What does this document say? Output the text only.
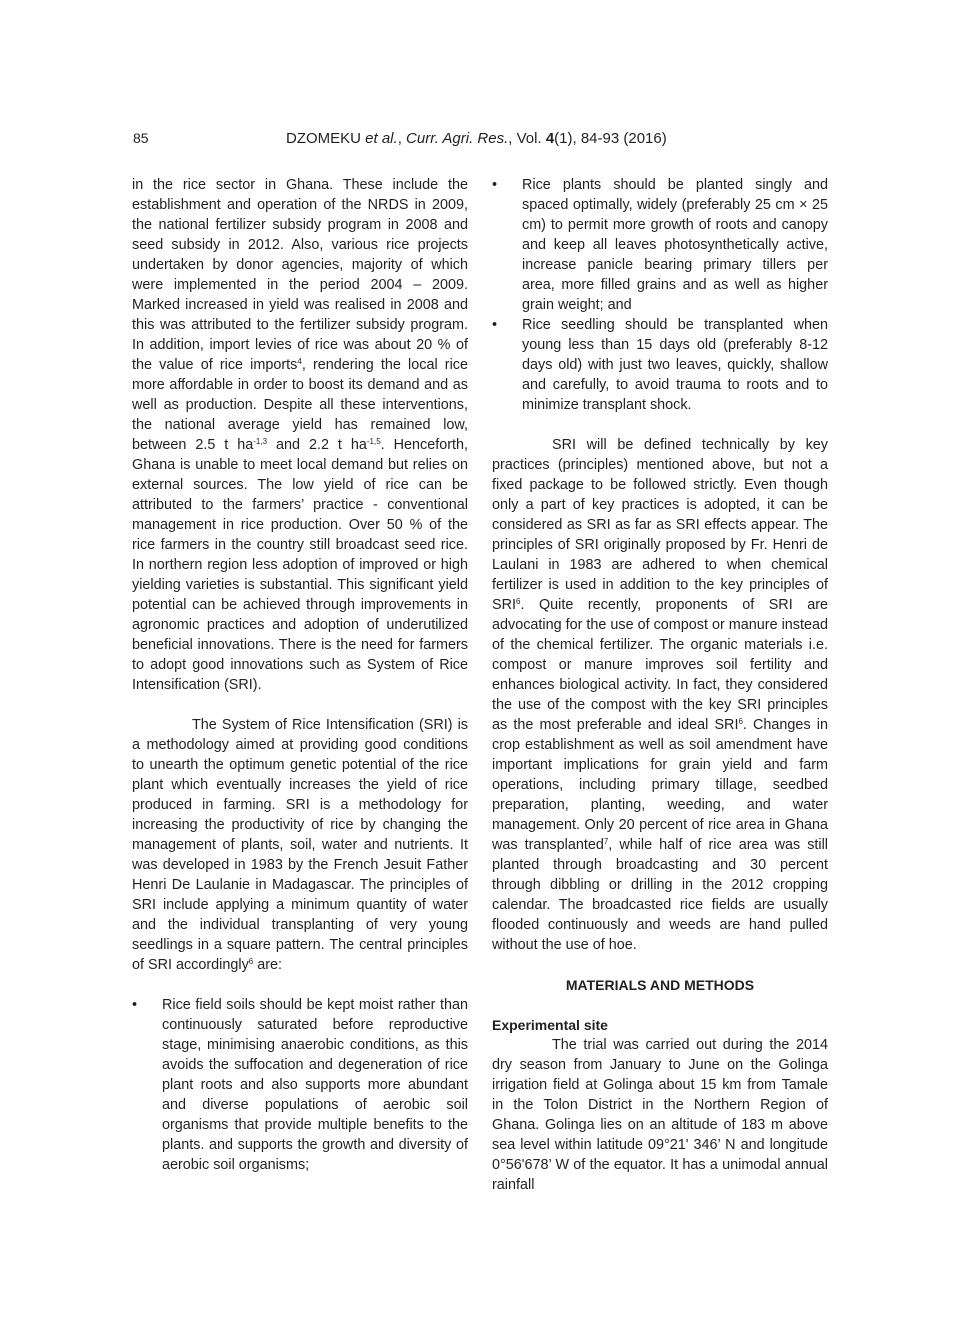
85	DZOMEKU et al., Curr. Agri. Res., Vol. 4(1), 84-93 (2016)

in the rice sector in Ghana. These include the establishment and operation of the NRDS in 2009, the national fertilizer subsidy program in 2008 and seed subsidy in 2012. Also, various rice projects undertaken by donor agencies, majority of which were implemented in the period 2004 – 2009. Marked increased in yield was realised in 2008 and this was attributed to the fertilizer subsidy program. In addition, import levies of rice was about 20 % of the value of rice imports$^4$, rendering the local rice more affordable in order to boost its demand and as well as production. Despite all these interventions, the national average yield has remained low, between 2.5 t $ha^{-1,3}$ and 2.2 t $ha^{-1,5}$. Henceforth, Ghana is unable to meet local demand but relies on external sources. The low yield of rice can be attributed to the farmers’ practice - conventional management in rice production. Over 50 % of the rice farmers in the country still broadcast seed rice. In northern region less adoption of improved or high yielding varieties is substantial. This significant yield potential can be achieved through improvements in agronomic practices and adoption of underutilized beneficial innovations. There is the need for farmers to adopt good innovations such as System of Rice Intensification (SRI).

The System of Rice Intensification (SRI) is a methodology aimed at providing good conditions to unearth the optimum genetic potential of the rice plant which eventually increases the yield of rice produced in farming. SRI is a methodology for increasing the productivity of rice by changing the management of plants, soil, water and nutrients. It was developed in 1983 by the French Jesuit Father Henri De Laulanie in Madagascar. The principles of SRI include applying a minimum quantity of water and the individual transplanting of very young seedlings in a square pattern. The central principles of SRI accordingly$^6$ are:

•	Rice field soils should be kept moist rather than continuously saturated before reproductive stage, minimising anaerobic conditions, as this avoids the suffocation and degeneration of rice plant roots and also supports more abundant and diverse populations of aerobic soil organisms that provide multiple benefits to the plants. and supports the growth and diversity of aerobic soil organisms;

•	Rice plants should be planted singly and spaced optimally, widely (preferably 25 cm × 25 cm) to permit more growth of roots and canopy and keep all leaves photosynthetically active, increase panicle bearing primary tillers per area, more filled grains and as well as higher grain weight; and

•	Rice seedling should be transplanted when young less than 15 days old (preferably 8-12 days old) with just two leaves, quickly, shallow and carefully, to avoid trauma to roots and to minimize transplant shock.

SRI will be defined technically by key practices (principles) mentioned above, but not a fixed package to be followed strictly. Even though only a part of key practices is adopted, it can be considered as SRI as far as SRI effects appear. The principles of SRI originally proposed by Fr. Henri de Laulani in 1983 are adhered to when chemical fertilizer is used in addition to the key principles of SRI$^6$. Quite recently, proponents of SRI are advocating for the use of compost or manure instead of the chemical fertilizer. The organic materials i.e. compost or manure improves soil fertility and enhances biological activity. In fact, they considered the use of the compost with the key SRI principles as the most preferable and ideal SRI$^6$. Changes in crop establishment as well as soil amendment have important implications for grain yield and farm operations, including primary tillage, seedbed preparation, planting, weeding, and water management. Only 20 percent of rice area in Ghana was transplanted$^7$, while half of rice area was still planted through broadcasting and 30 percent through dibbling or drilling in the 2012 cropping calendar. The broadcasted rice fields are usually flooded continuously and weeds are hand pulled without the use of hoe.

MATERIALS AND METHODS

Experimental site

The trial was carried out during the 2014 dry season from January to June on the Golinga irrigation field at Golinga about 15 km from Tamale in the Tolon District in the Northern Region of Ghana. Golinga lies on an altitude of 183 m above sea level within latitude 09°21' 346’ N and longitude 0°56'678’ W of the equator. It has a unimodal annual rainfall
